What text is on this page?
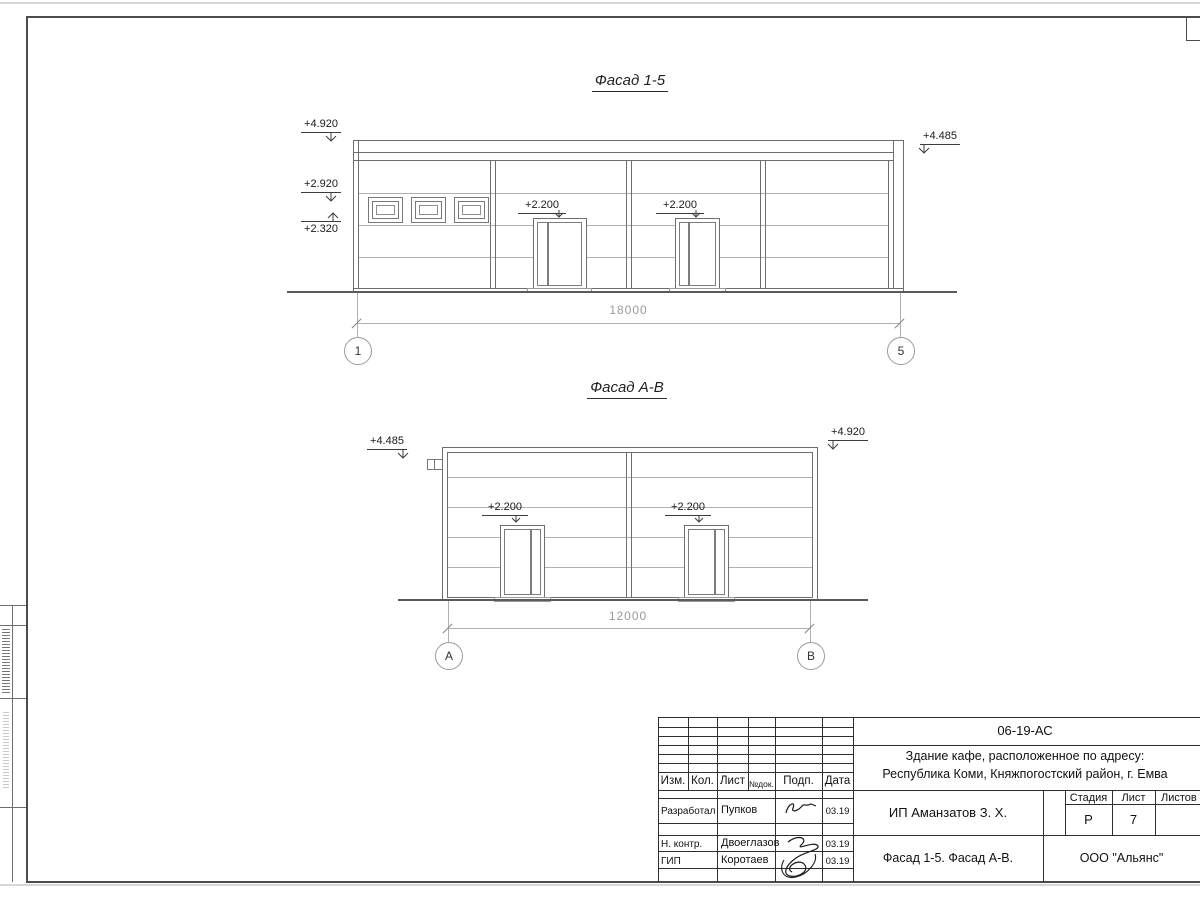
Фасад 1-5
+4.920
+2.920
+2.320
+4.485
+2.200	+2.200
18000
1	5
Фасад А-В
+4.485
+4.920
+2.200	+2.200
12000
А	В
06-19-АС
Здание кафе, расположенное по адресу:
Республика Коми, Княжпогостский район, г. Емва
ИП Аманзатов З. Х.
Фасад 1-5. Фасад А-В.	ООО "Альянс"
Изм. Кол. Лист №док. Подп. Дата
Стадия	Лист	Листов
Р	7
Разработал Пупков	03.19
Н. контр. Двоеглазов	03.19
ГИП	Коротаев	03.19
